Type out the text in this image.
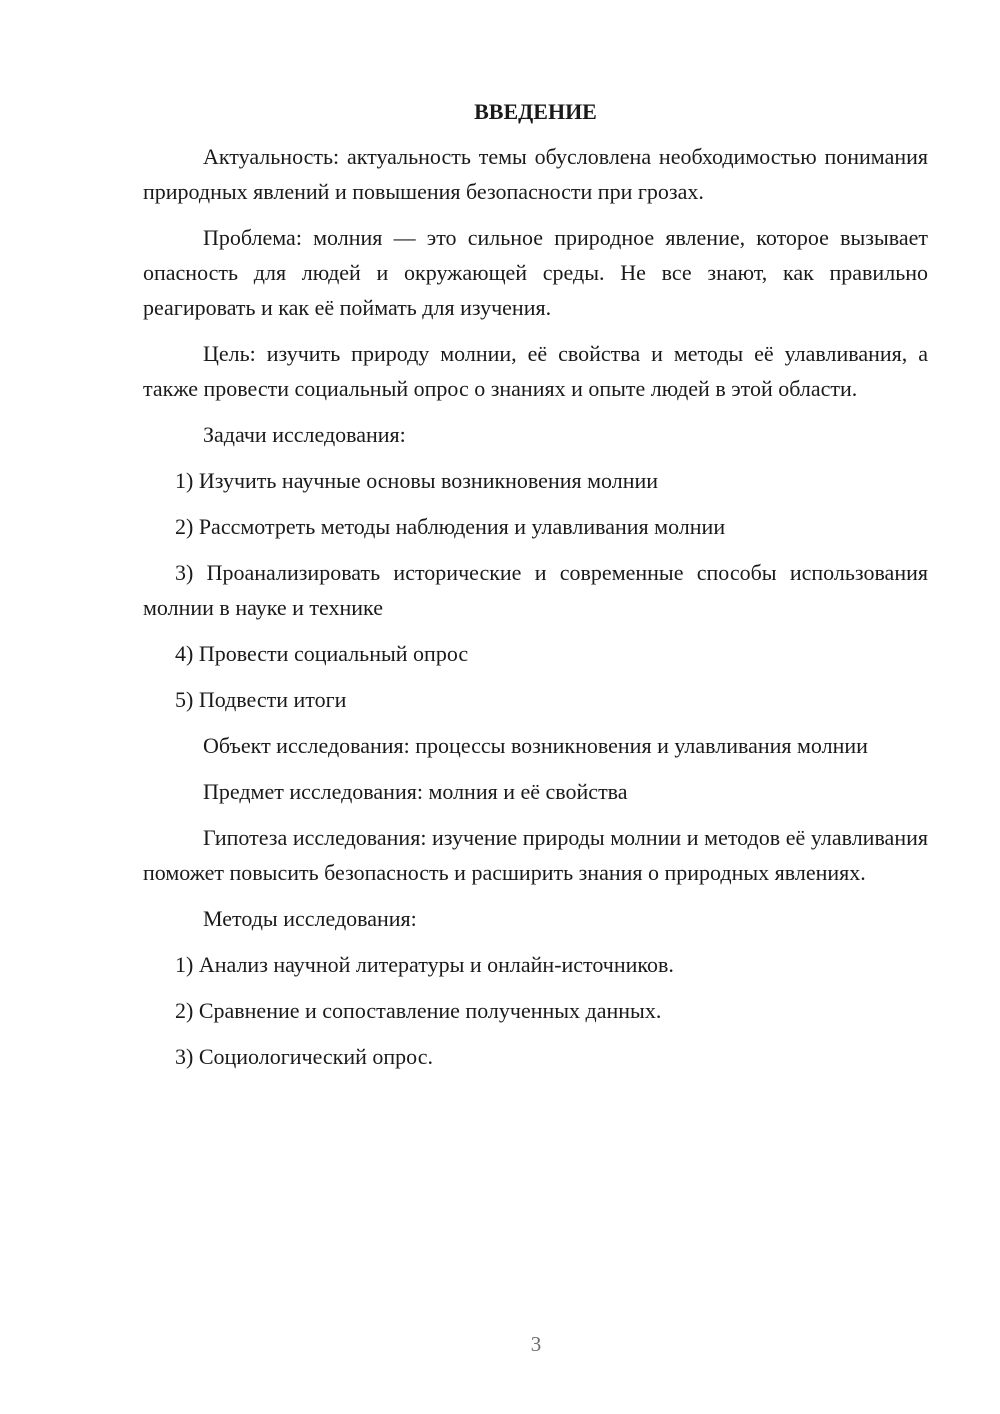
ВВЕДЕНИЕ
Актуальность: актуальность темы обусловлена необходимостью понимания природных явлений и повышения безопасности при грозах.
Проблема: молния — это сильное природное явление, которое вызывает опасность для людей и окружающей среды. Не все знают, как правильно реагировать и как её поймать для изучения.
Цель: изучить природу молнии, её свойства и методы её улавливания, а также провести социальный опрос о знаниях и опыте людей в этой области.
Задачи исследования:
1) Изучить научные основы возникновения молнии
2) Рассмотреть методы наблюдения и улавливания молнии
3) Проанализировать исторические и современные способы использования молнии в науке и технике
4) Провести социальный опрос
5) Подвести итоги
Объект исследования: процессы возникновения и улавливания молнии
Предмет исследования: молния и её свойства
Гипотеза исследования: изучение природы молнии и методов её улавливания поможет повысить безопасность и расширить знания о природных явлениях.
Методы исследования:
1) Анализ научной литературы и онлайн-источников.
2) Сравнение и сопоставление полученных данных.
3) Социологический опрос.
3
